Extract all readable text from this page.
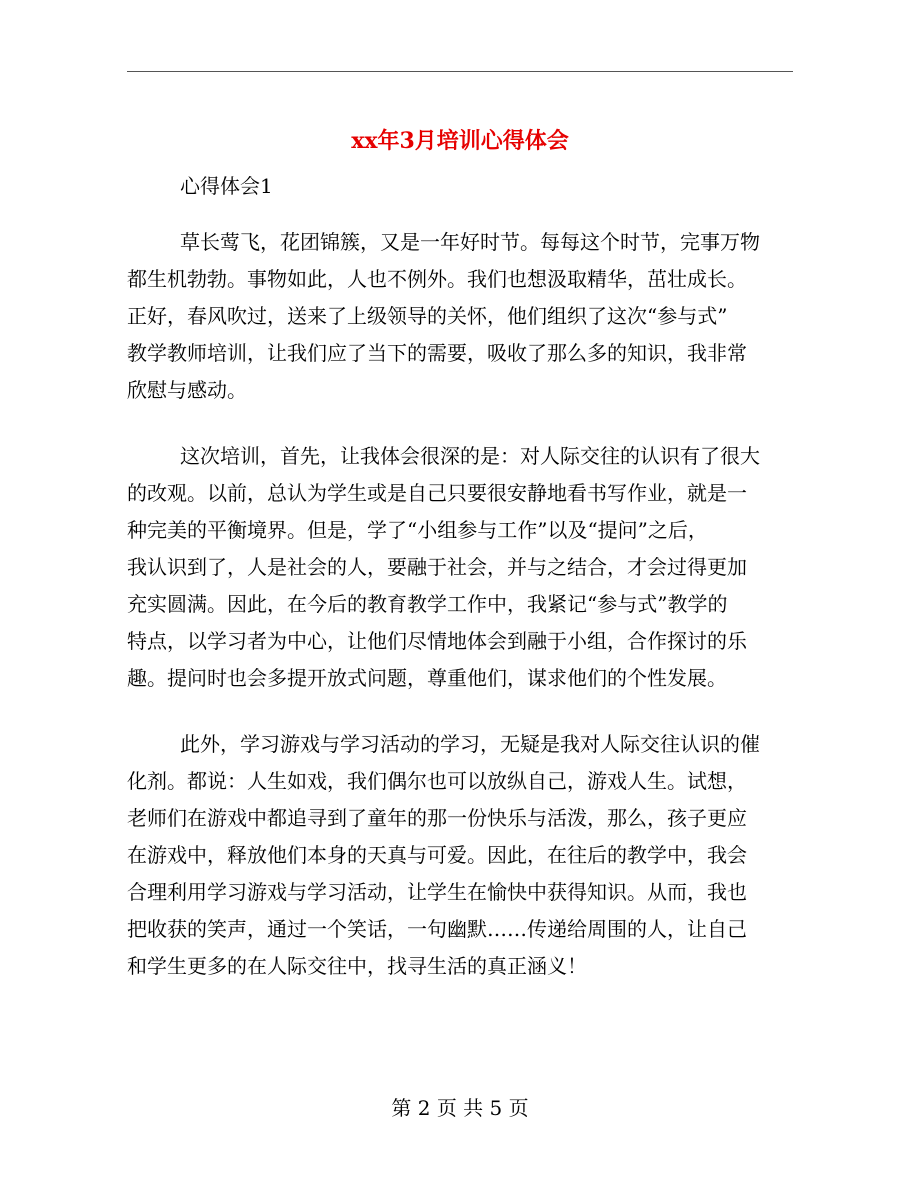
xx年3月培训心得体会

心得体会1

草长莺飞，花团锦簇，又是一年好时节。每每这个时节，完事万物
都生机勃勃。事物如此，人也不例外。我们也想汲取精华，茁壮成长。
正好，春风吹过，送来了上级领导的关怀，他们组织了这次“参与式”
教学教师培训，让我们应了当下的需要，吸收了那么多的知识，我非常
欣慰与感动。

这次培训，首先，让我体会很深的是：对人际交往的认识有了很大
的改观。以前，总认为学生或是自己只要很安静地看书写作业，就是一
种完美的平衡境界。但是，学了“小组参与工作”以及“提问”之后，
我认识到了，人是社会的人，要融于社会，并与之结合，才会过得更加
充实圆满。因此，在今后的教育教学工作中，我紧记“参与式”教学的
特点，以学习者为中心，让他们尽情地体会到融于小组，合作探讨的乐
趣。提问时也会多提开放式问题，尊重他们，谋求他们的个性发展。

此外，学习游戏与学习活动的学习，无疑是我对人际交往认识的催
化剂。都说：人生如戏，我们偶尔也可以放纵自己，游戏人生。试想，
老师们在游戏中都追寻到了童年的那一份快乐与活泼，那么，孩子更应
在游戏中，释放他们本身的天真与可爱。因此，在往后的教学中，我会
合理利用学习游戏与学习活动，让学生在愉快中获得知识。从而，我也
把收获的笑声，通过一个笑话，一句幽默……传递给周围的人，让自己
和学生更多的在人际交往中，找寻生活的真正涵义！

第 2 页 共 5 页
